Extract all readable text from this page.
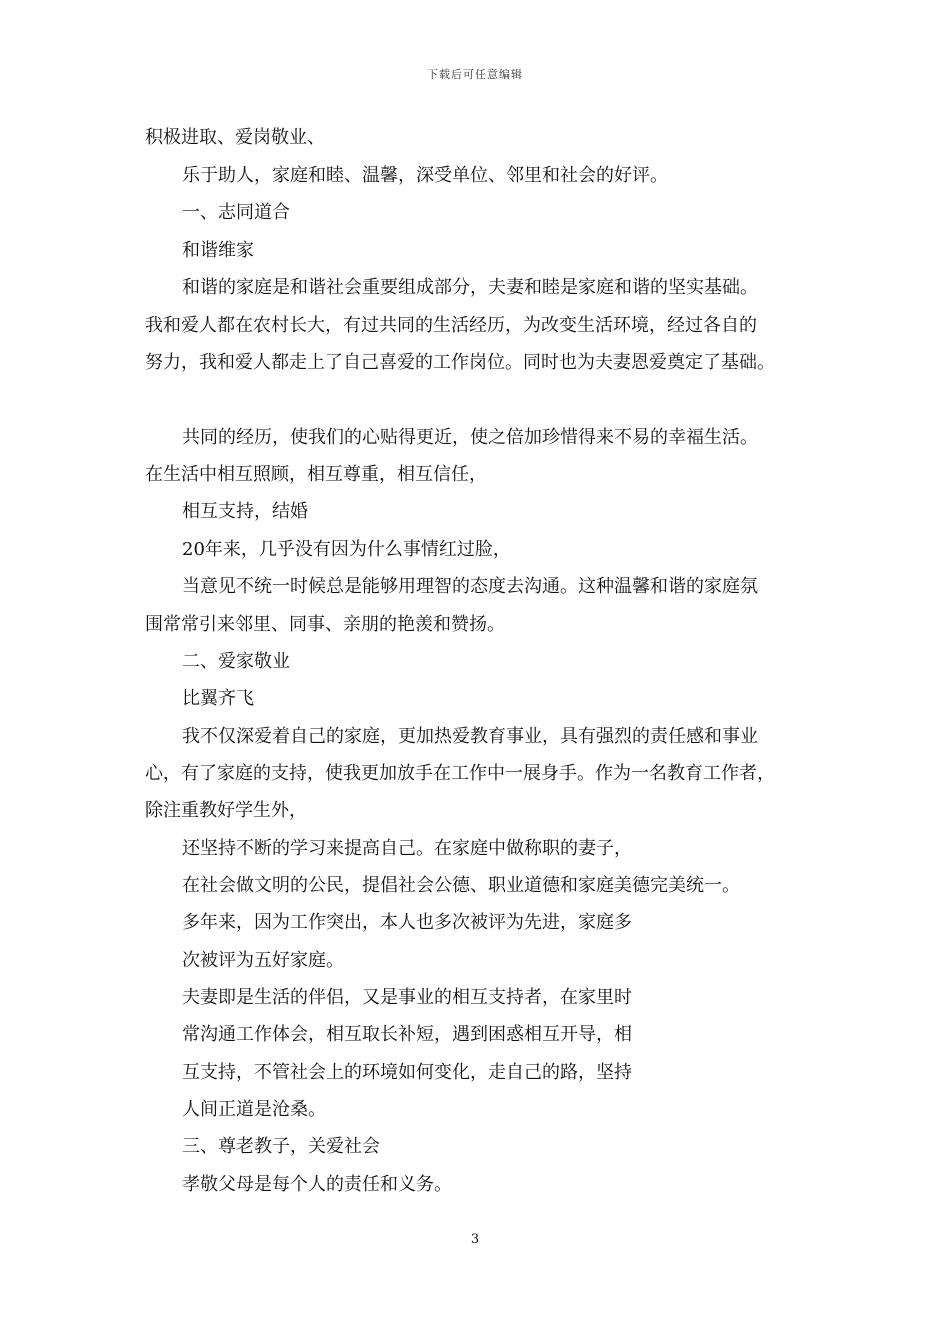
下载后可任意编辑
积极进取、爱岗敬业、
乐于助人，家庭和睦、温馨，深受单位、邻里和社会的好评。
一、志同道合
和谐维家
和谐的家庭是和谐社会重要组成部分，夫妻和睦是家庭和谐的坚实基础。
我和爱人都在农村长大，有过共同的生活经历，为改变生活环境，经过各自的
努力，我和爱人都走上了自己喜爱的工作岗位。同时也为夫妻恩爱奠定了基础。
共同的经历，使我们的心贴得更近，使之倍加珍惜得来不易的幸福生活。
在生活中相互照顾，相互尊重，相互信任，
相互支持，结婚
20年来，几乎没有因为什么事情红过脸，
当意见不统一时候总是能够用理智的态度去沟通。这种温馨和谐的家庭氛
围常常引来邻里、同事、亲朋的艳羡和赞扬。
二、爱家敬业
比翼齐飞
我不仅深爱着自己的家庭，更加热爱教育事业，具有强烈的责任感和事业
心，有了家庭的支持，使我更加放手在工作中一展身手。作为一名教育工作者，
除注重教好学生外，
还坚持不断的学习来提高自己。在家庭中做称职的妻子，
在社会做文明的公民，提倡社会公德、职业道德和家庭美德完美统一。
多年来，因为工作突出，本人也多次被评为先进，家庭多
次被评为五好家庭。
夫妻即是生活的伴侣，又是事业的相互支持者，在家里时
常沟通工作体会，相互取长补短，遇到困惑相互开导，相
互支持，不管社会上的环境如何变化，走自己的路，坚持
人间正道是沧桑。
三、尊老教子，关爱社会
孝敬父母是每个人的责任和义务。
3
